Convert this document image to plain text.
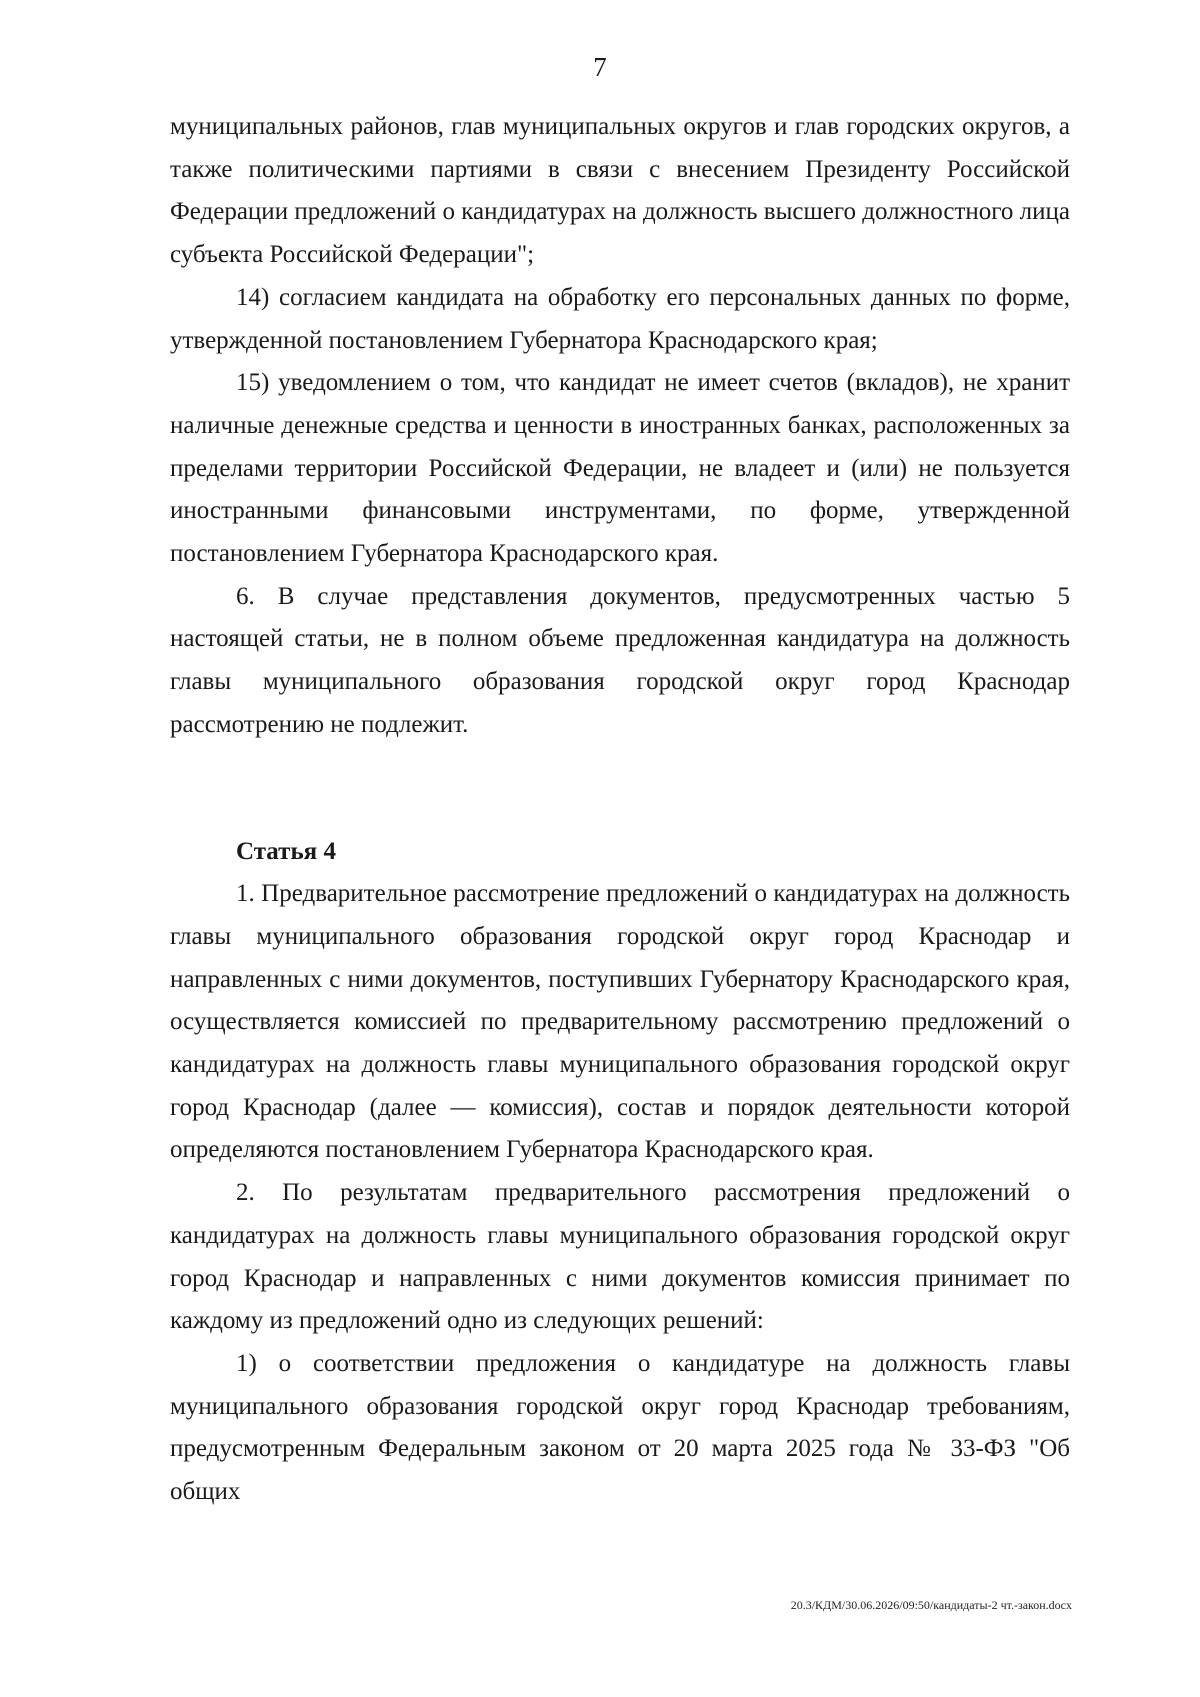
7

муниципальных районов, глав муниципальных округов и глав городских округов, а также политическими партиями в связи с внесением Президенту Российской Федерации предложений о кандидатурах на должность высшего должностного лица субъекта Российской Федерации";

14) согласием кандидата на обработку его персональных данных по форме, утвержденной постановлением Губернатора Краснодарского края;

15) уведомлением о том, что кандидат не имеет счетов (вкладов), не хранит наличные денежные средства и ценности в иностранных банках, расположенных за пределами территории Российской Федерации, не владеет и (или) не пользуется иностранными финансовыми инструментами, по форме, утвержденной постановлением Губернатора Краснодарского края.

6. В случае представления документов, предусмотренных частью 5 настоящей статьи, не в полном объеме предложенная кандидатура на должность главы муниципального образования городской округ город Краснодар рассмотрению не подлежит.

Статья 4

1. Предварительное рассмотрение предложений о кандидатурах на должность главы муниципального образования городской округ город Краснодар и направленных с ними документов, поступивших Губернатору Краснодарского края, осуществляется комиссией по предварительному рассмотрению предложений о кандидатурах на должность главы муниципального образования городской округ город Краснодар (далее — комиссия), состав и порядок деятельности которой определяются постановлением Губернатора Краснодарского края.

2. По результатам предварительного рассмотрения предложений о кандидатурах на должность главы муниципального образования городской округ город Краснодар и направленных с ними документов комиссия принимает по каждому из предложений одно из следующих решений:

1) о соответствии предложения о кандидатуре на должность главы муниципального образования городской округ город Краснодар требованиям, предусмотренным Федеральным законом от 20 марта 2025 года № 33-ФЗ "Об общих

20.3/КДМ/30.06.2026/09:50/кандидаты-2 чт.-закон.docx
